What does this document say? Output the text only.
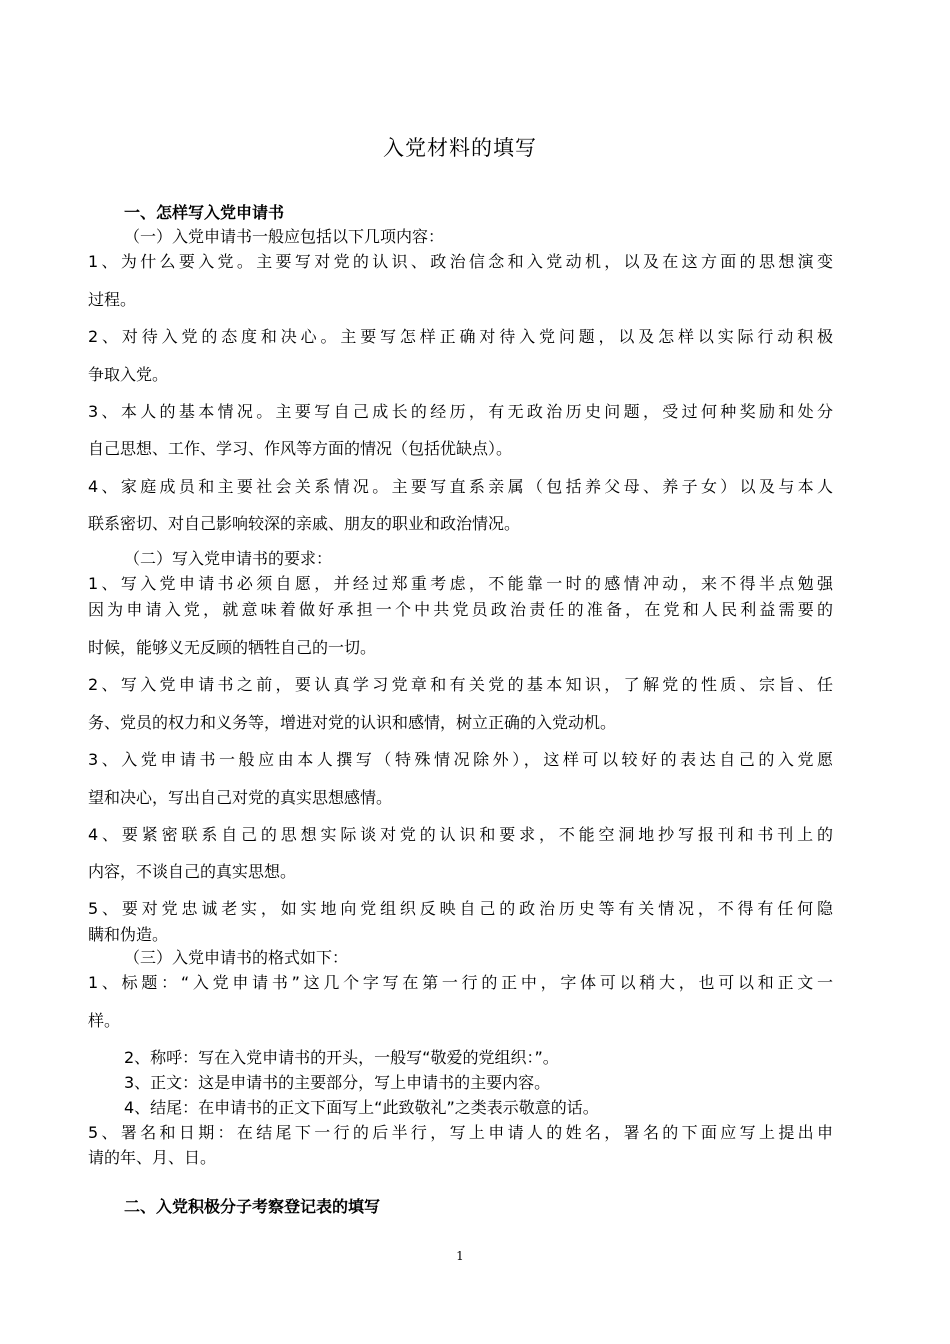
入党材料的填写
一、怎样写入党申请书
（一）入党申请书一般应包括以下几项内容：
1、为什么要入党。主要写对党的认识、政治信念和入党动机，以及在这方面的思想演变
过程。
2、对待入党的态度和决心。主要写怎样正确对待入党问题，以及怎样以实际行动积极
争取入党。
3、本人的基本情况。主要写自己成长的经历，有无政治历史问题，受过何种奖励和处分
自己思想、工作、学习、作风等方面的情况（包括优缺点）。
4、家庭成员和主要社会关系情况。主要写直系亲属（包括养父母、养子女）以及与本人
联系密切、对自己影响较深的亲戚、朋友的职业和政治情况。
（二）写入党申请书的要求：
1、写入党申请书必须自愿，并经过郑重考虑，不能靠一时的感情冲动，来不得半点勉强
因为申请入党，就意味着做好承担一个中共党员政治责任的准备，在党和人民利益需要的
时候，能够义无反顾的牺牲自己的一切。
2、写入党申请书之前，要认真学习党章和有关党的基本知识，了解党的性质、宗旨、任
务、党员的权力和义务等，增进对党的认识和感情，树立正确的入党动机。
3、入党申请书一般应由本人撰写（特殊情况除外），这样可以较好的表达自己的入党愿
望和决心，写出自己对党的真实思想感情。
4、要紧密联系自己的思想实际谈对党的认识和要求，不能空洞地抄写报刊和书刊上的
内容，不谈自己的真实思想。
5、要对党忠诚老实，如实地向党组织反映自己的政治历史等有关情况，不得有任何隐
瞒和伪造。
（三）入党申请书的格式如下：
1、标题：“入党申请书”这几个字写在第一行的正中，字体可以稍大，也可以和正文一
样。
2、称呼：写在入党申请书的开头，一般写“敬爱的党组织：”。
3、正文：这是申请书的主要部分，写上申请书的主要内容。
4、结尾：在申请书的正文下面写上“此致敬礼”之类表示敬意的话。
5、署名和日期：在结尾下一行的后半行，写上申请人的姓名，署名的下面应写上提出申
请的年、月、日。
二、入党积极分子考察登记表的填写
1
